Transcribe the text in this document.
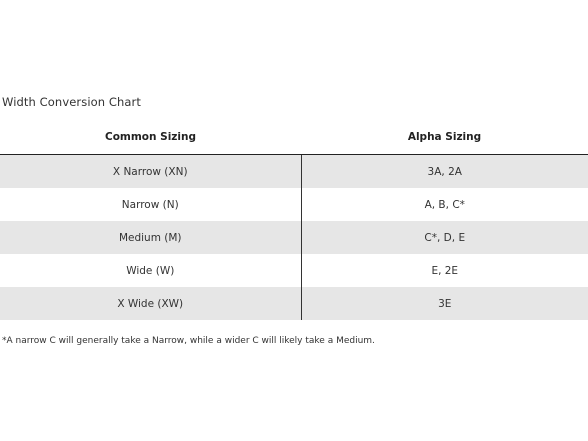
Width Conversion Chart
Common Sizing	Alpha Sizing
X Narrow (XN)	3A, 2A
Narrow (N)	A, B, C*
Medium (M)	C*, D, E
Wide (W)	E, 2E
X Wide (XW)	3E
*A narrow C will generally take a Narrow, while a wider C will likely take a Medium.
